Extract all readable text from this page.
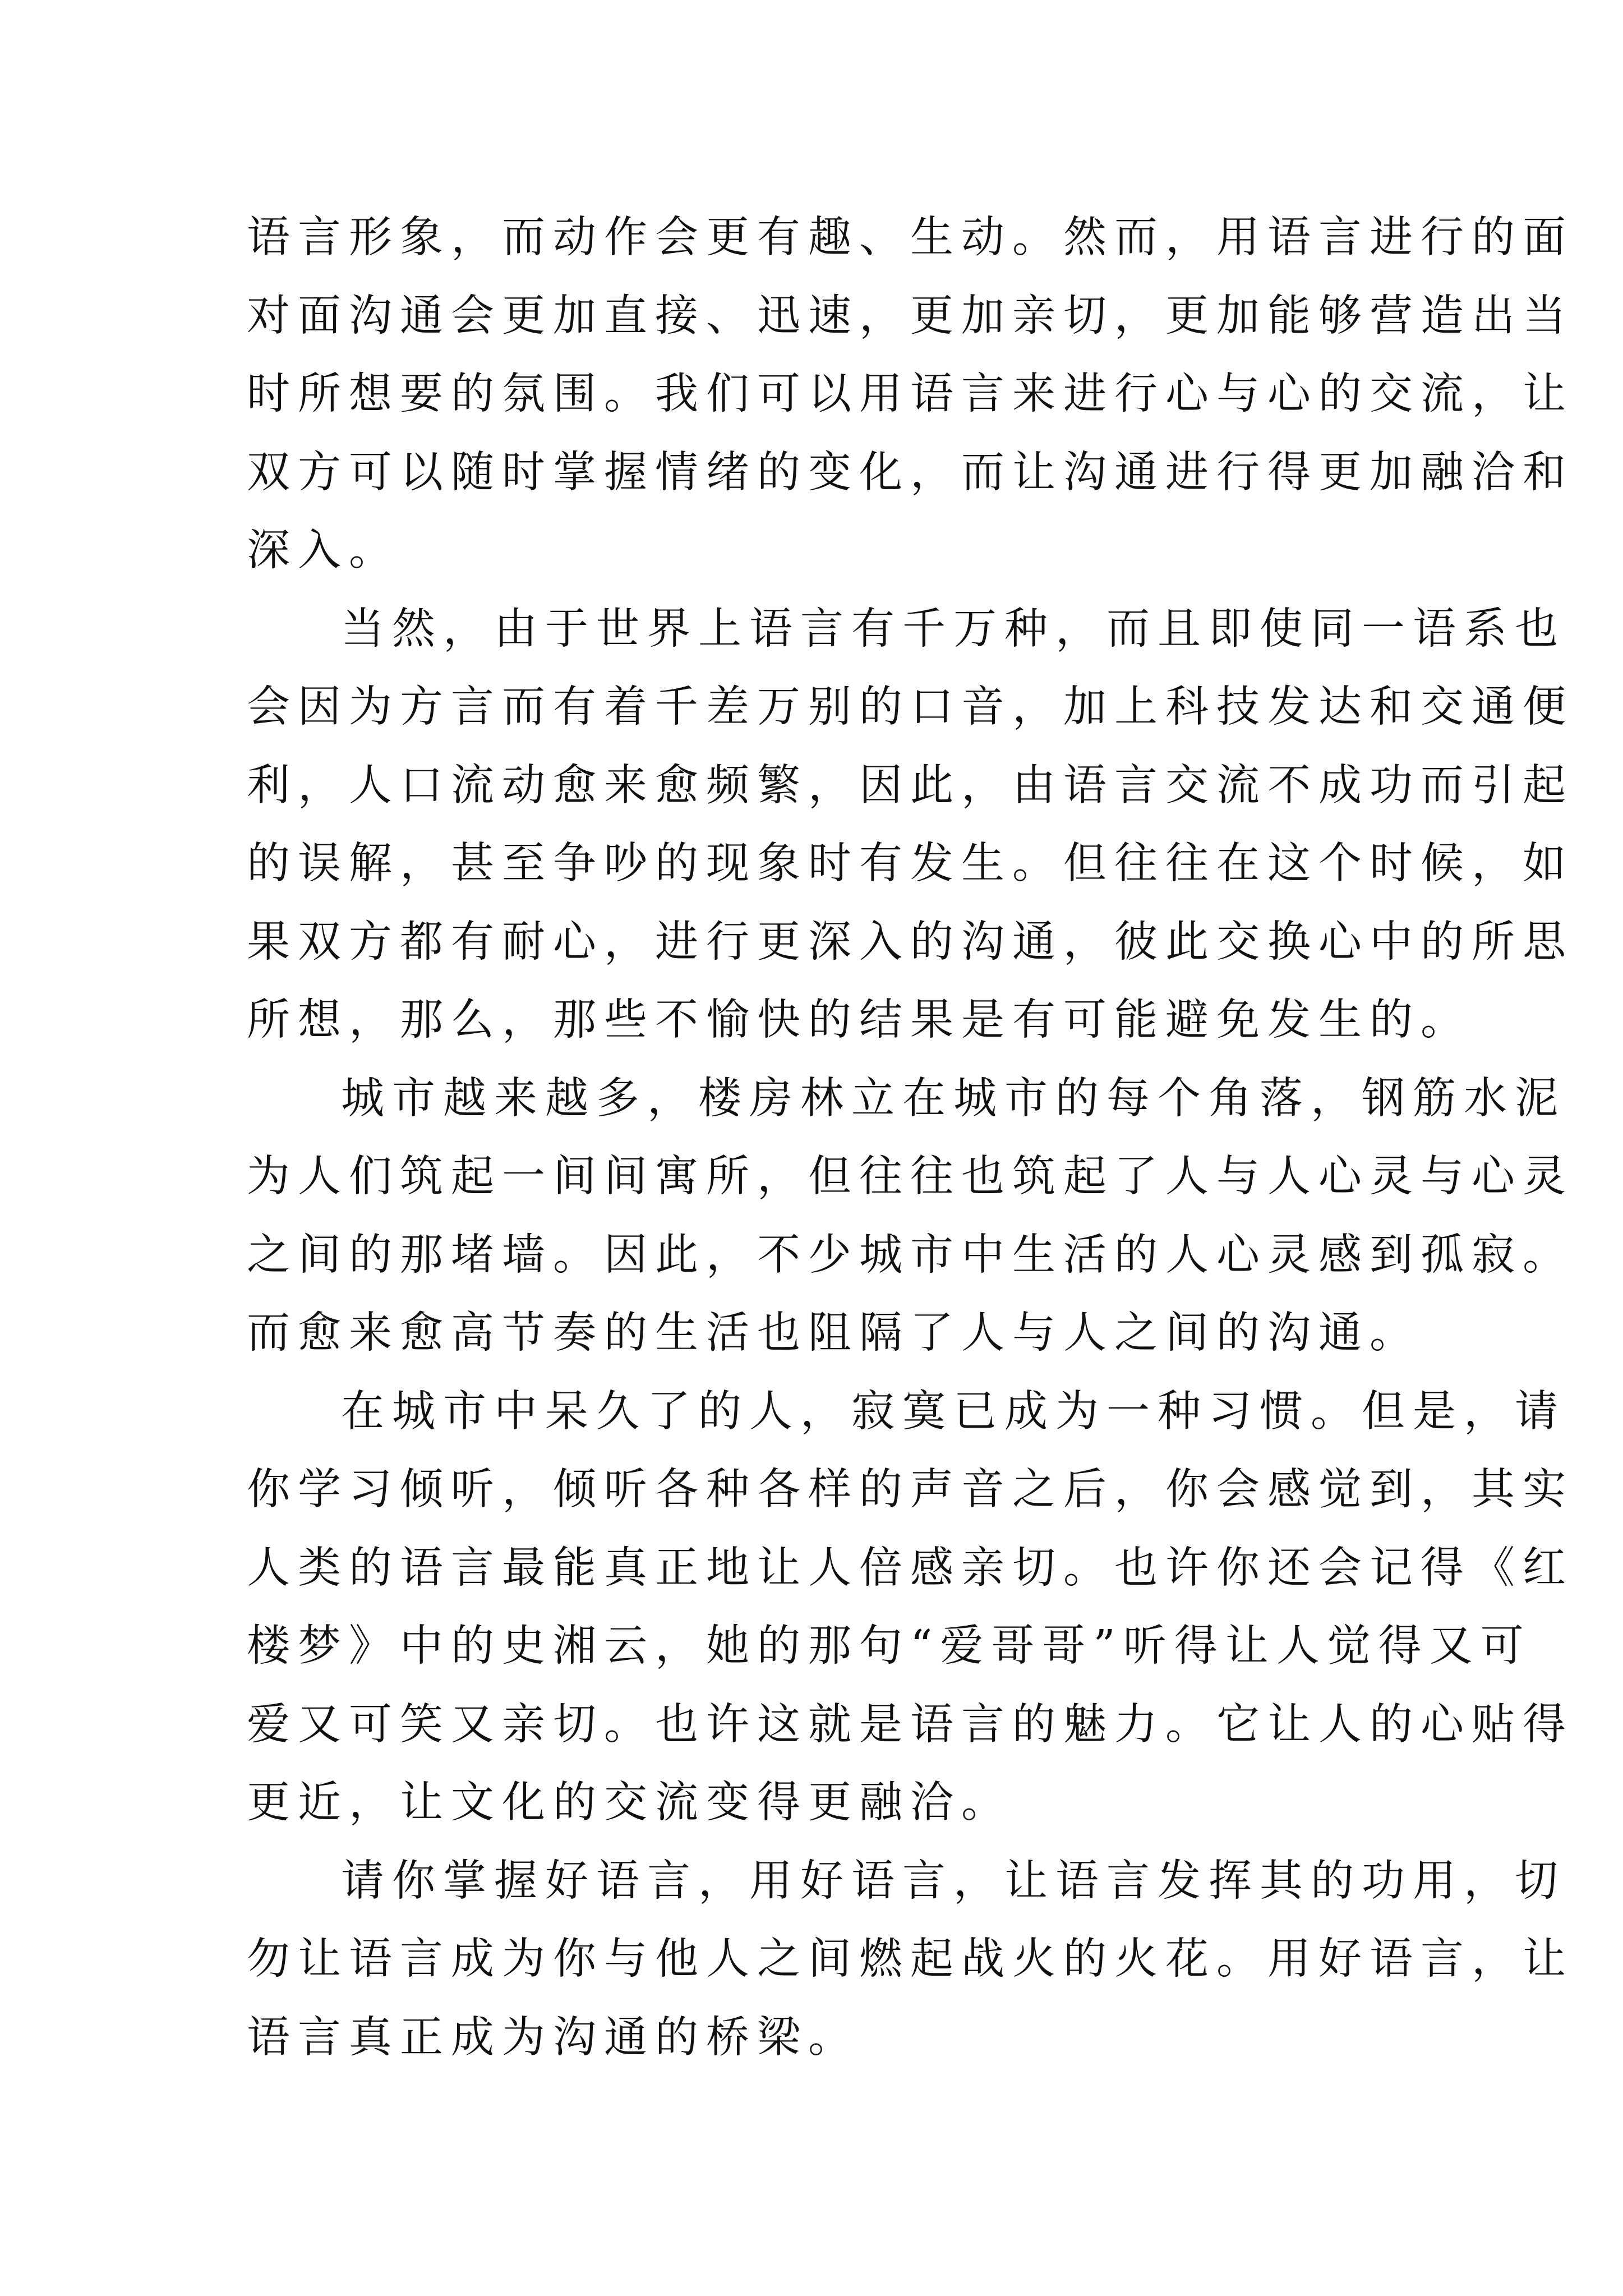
语言形象，而动作会更有趣、生动。然而，用语言进行的面
对面沟通会更加直接、迅速，更加亲切，更加能够营造出当
时所想要的氛围。我们可以用语言来进行心与心的交流，让
双方可以随时掌握情绪的变化，而让沟通进行得更加融洽和
深入。
当然，由于世界上语言有千万种，而且即使同一语系也
会因为方言而有着千差万别的口音，加上科技发达和交通便
利，人口流动愈来愈频繁，因此，由语言交流不成功而引起
的误解，甚至争吵的现象时有发生。但往往在这个时候，如
果双方都有耐心，进行更深入的沟通，彼此交换心中的所思
所想，那么，那些不愉快的结果是有可能避免发生的。
城市越来越多，楼房林立在城市的每个角落，钢筋水泥
为人们筑起一间间寓所，但往往也筑起了人与人心灵与心灵
之间的那堵墙。因此，不少城市中生活的人心灵感到孤寂。
而愈来愈高节奏的生活也阻隔了人与人之间的沟通。
在城市中呆久了的人，寂寞已成为一种习惯。但是，请
你学习倾听，倾听各种各样的声音之后，你会感觉到，其实
人类的语言最能真正地让人倍感亲切。也许你还会记得《红
楼梦》中的史湘云，她的那句“爱哥哥”听得让人觉得又可
爱又可笑又亲切。也许这就是语言的魅力。它让人的心贴得
更近，让文化的交流变得更融洽。
请你掌握好语言，用好语言，让语言发挥其的功用，切
勿让语言成为你与他人之间燃起战火的火花。用好语言，让
语言真正成为沟通的桥梁。
